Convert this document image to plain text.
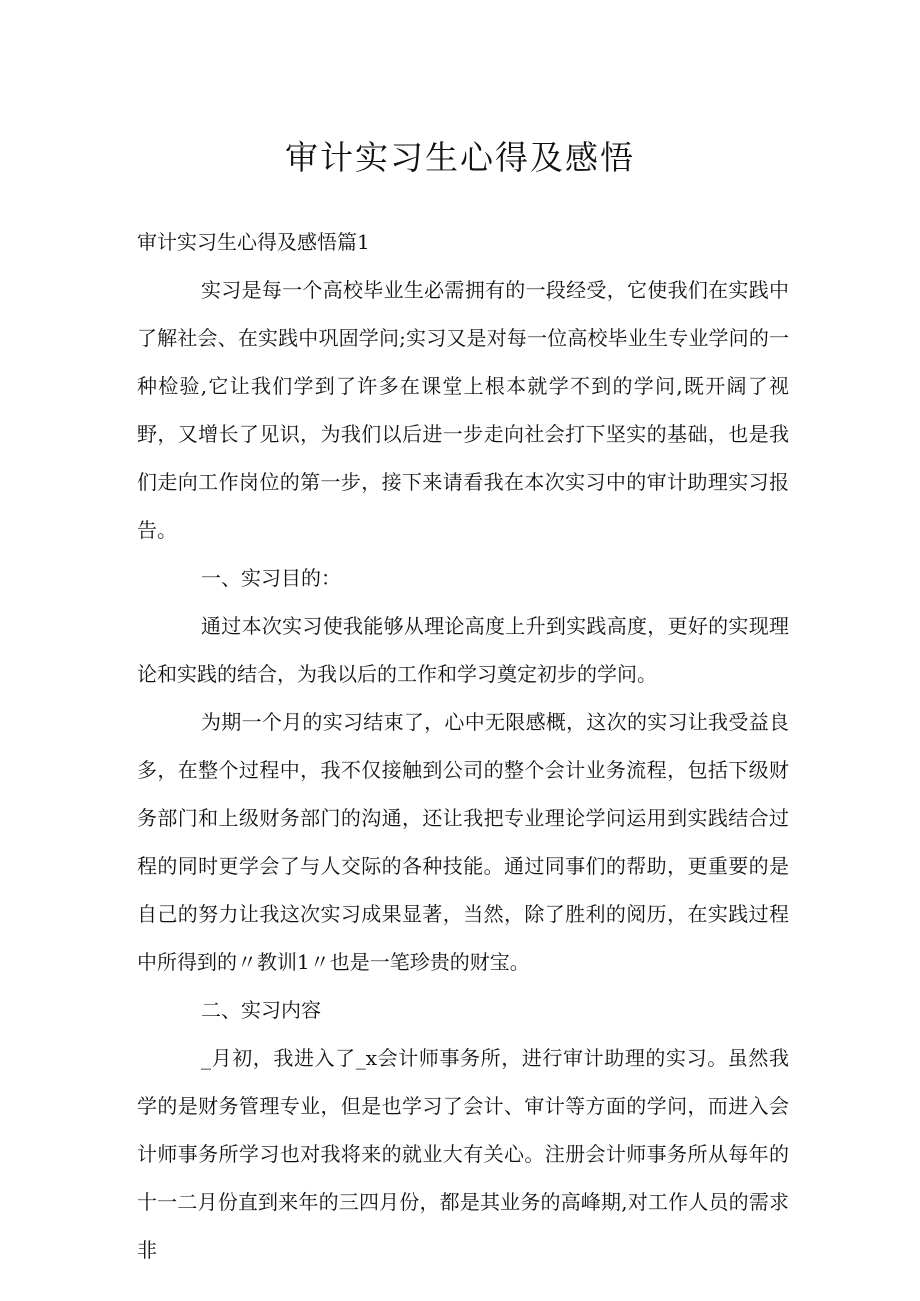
审计实习生心得及感悟

审计实习生心得及感悟篇1

实习是每一个高校毕业生必需拥有的一段经受，它使我们在实践中了解社会、在实践中巩固学问;实习又是对每一位高校毕业生专业学问的一种检验,它让我们学到了许多在课堂上根本就学不到的学问,既开阔了视野，又增长了见识，为我们以后进一步走向社会打下坚实的基础，也是我们走向工作岗位的第一步，接下来请看我在本次实习中的审计助理实习报告。

一、实习目的：

通过本次实习使我能够从理论高度上升到实践高度，更好的实现理论和实践的结合，为我以后的工作和学习奠定初步的学问。

为期一个月的实习结束了，心中无限感概，这次的实习让我受益良多，在整个过程中，我不仅接触到公司的整个会计业务流程，包括下级财务部门和上级财务部门的沟通，还让我把专业理论学问运用到实践结合过程的同时更学会了与人交际的各种技能。通过同事们的帮助，更重要的是自己的努力让我这次实习成果显著，当然，除了胜利的阅历，在实践过程中所得到的〃教训1〃也是一笔珍贵的财宝。

二、实习内容

_月初，我进入了_x会计师事务所，进行审计助理的实习。虽然我学的是财务管理专业，但是也学习了会计、审计等方面的学问，而进入会计师事务所学习也对我将来的就业大有关心。注册会计师事务所从每年的十一二月份直到来年的三四月份，都是其业务的高峰期,对工作人员的需求非
